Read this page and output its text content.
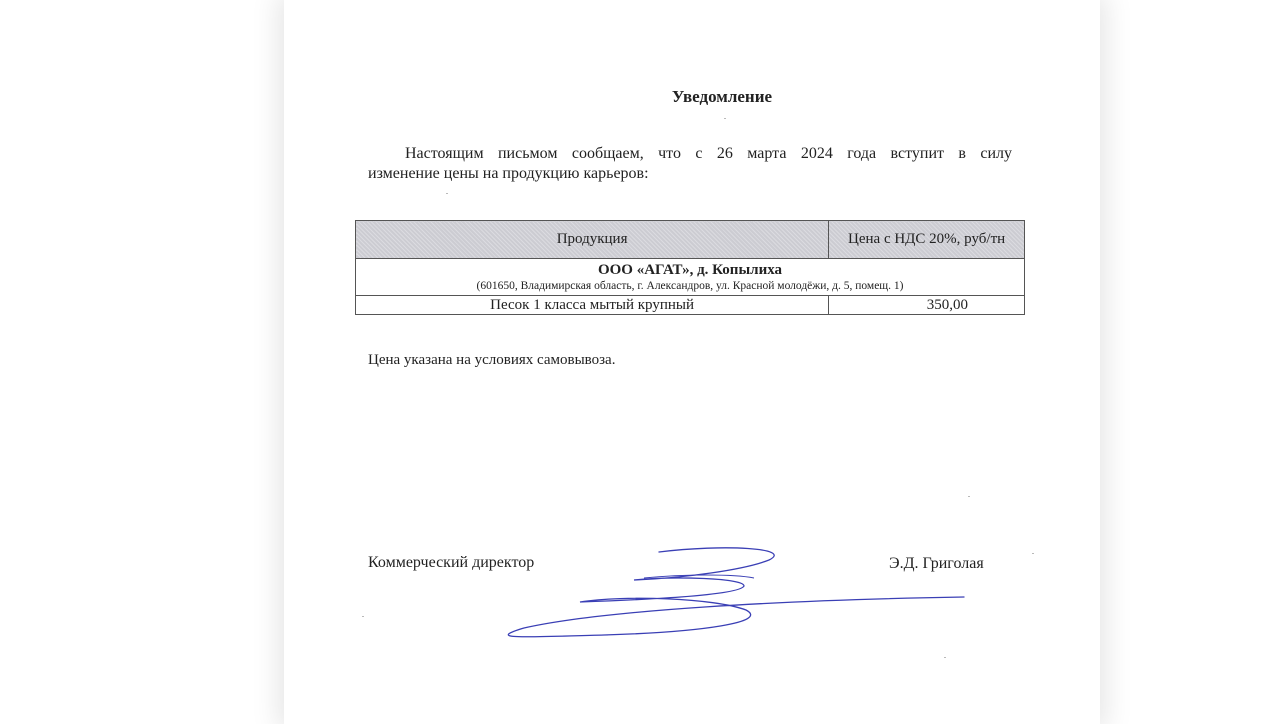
Уведомление
Настоящим письмом сообщаем, что с 26 марта 2024 года вступит в силу
изменение цены на продукцию карьеров:
Продукция	Цена с НДС 20%, руб/тн

ООО «АГАТ», д. Копылиха
(601650, Владимирская область, г. Александров, ул. Красной молодёжи, д. 5, помещ. 1)	

Песок 1 класса мытый крупный	350,00
Цена указана на условиях самовывоза.
Коммерческий директор	Э.Д. Григолая
